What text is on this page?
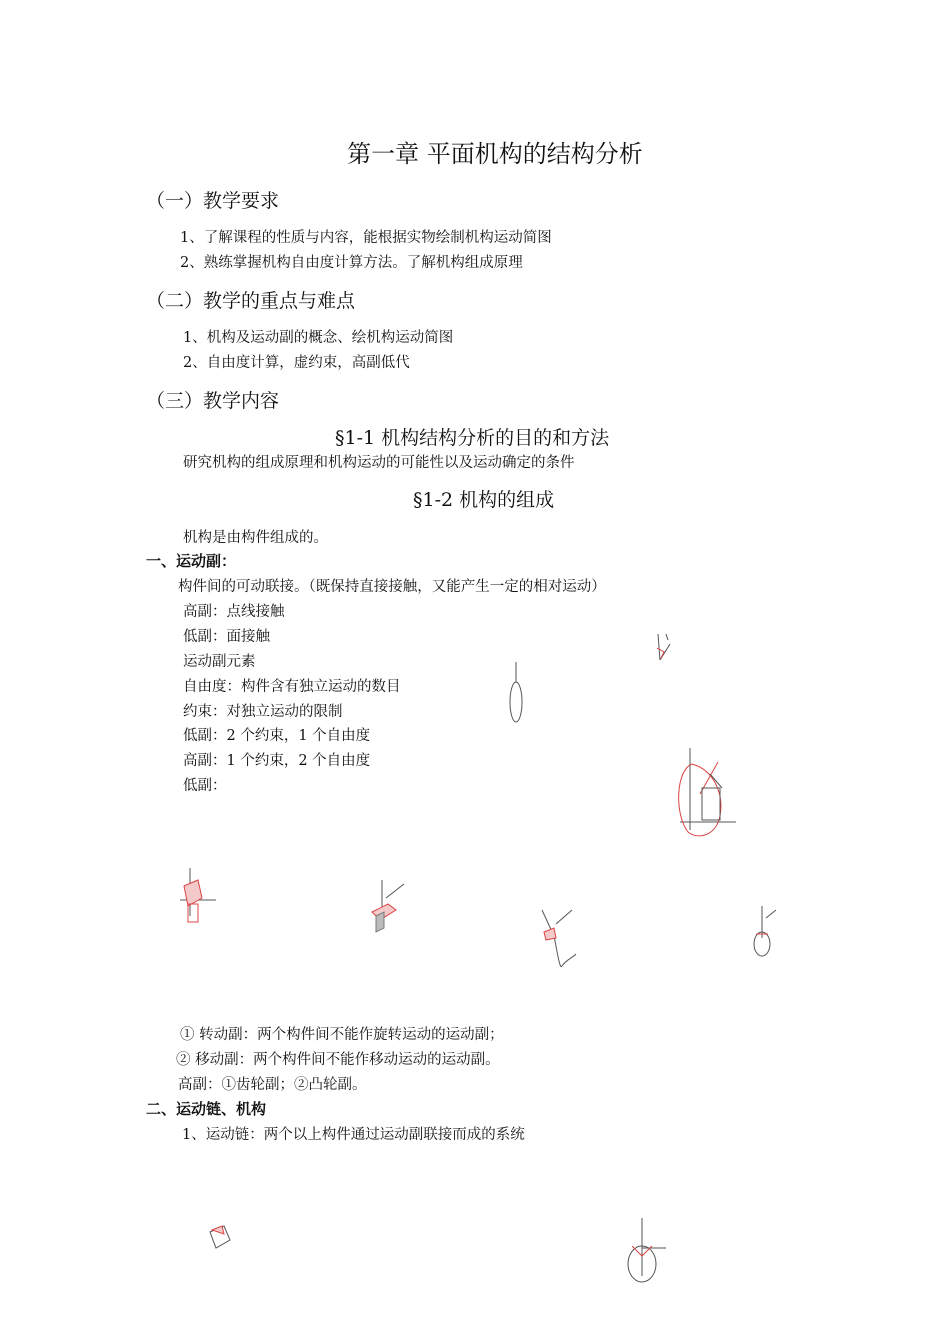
第一章 平面机构的结构分析
（一）教学要求
1、了解课程的性质与内容，能根据实物绘制机构运动简图
2、熟练掌握机构自由度计算方法。了解机构组成原理
（二）教学的重点与难点
1、机构及运动副的概念、绘机构运动简图
2、自由度计算，虚约束，高副低代
（三）教学内容
§1-1 机构结构分析的目的和方法
研究机构的组成原理和机构运动的可能性以及运动确定的条件
§1-2 机构的组成
机构是由构件组成的。
一、运动副：
构件间的可动联接。（既保持直接接触，又能产生一定的相对运动）
高副：点线接触
低副：面接触
运动副元素
自由度：构件含有独立运动的数目
约束：对独立运动的限制
低副：2 个约束，1 个自由度
高副：1 个约束，2 个自由度
低副：
① 转动副：两个构件间不能作旋转运动的运动副；
② 移动副：两个构件间不能作移动运动的运动副。
高副：①齿轮副；②凸轮副。
二、运动链、机构
1、运动链：两个以上构件通过运动副联接而成的系统
